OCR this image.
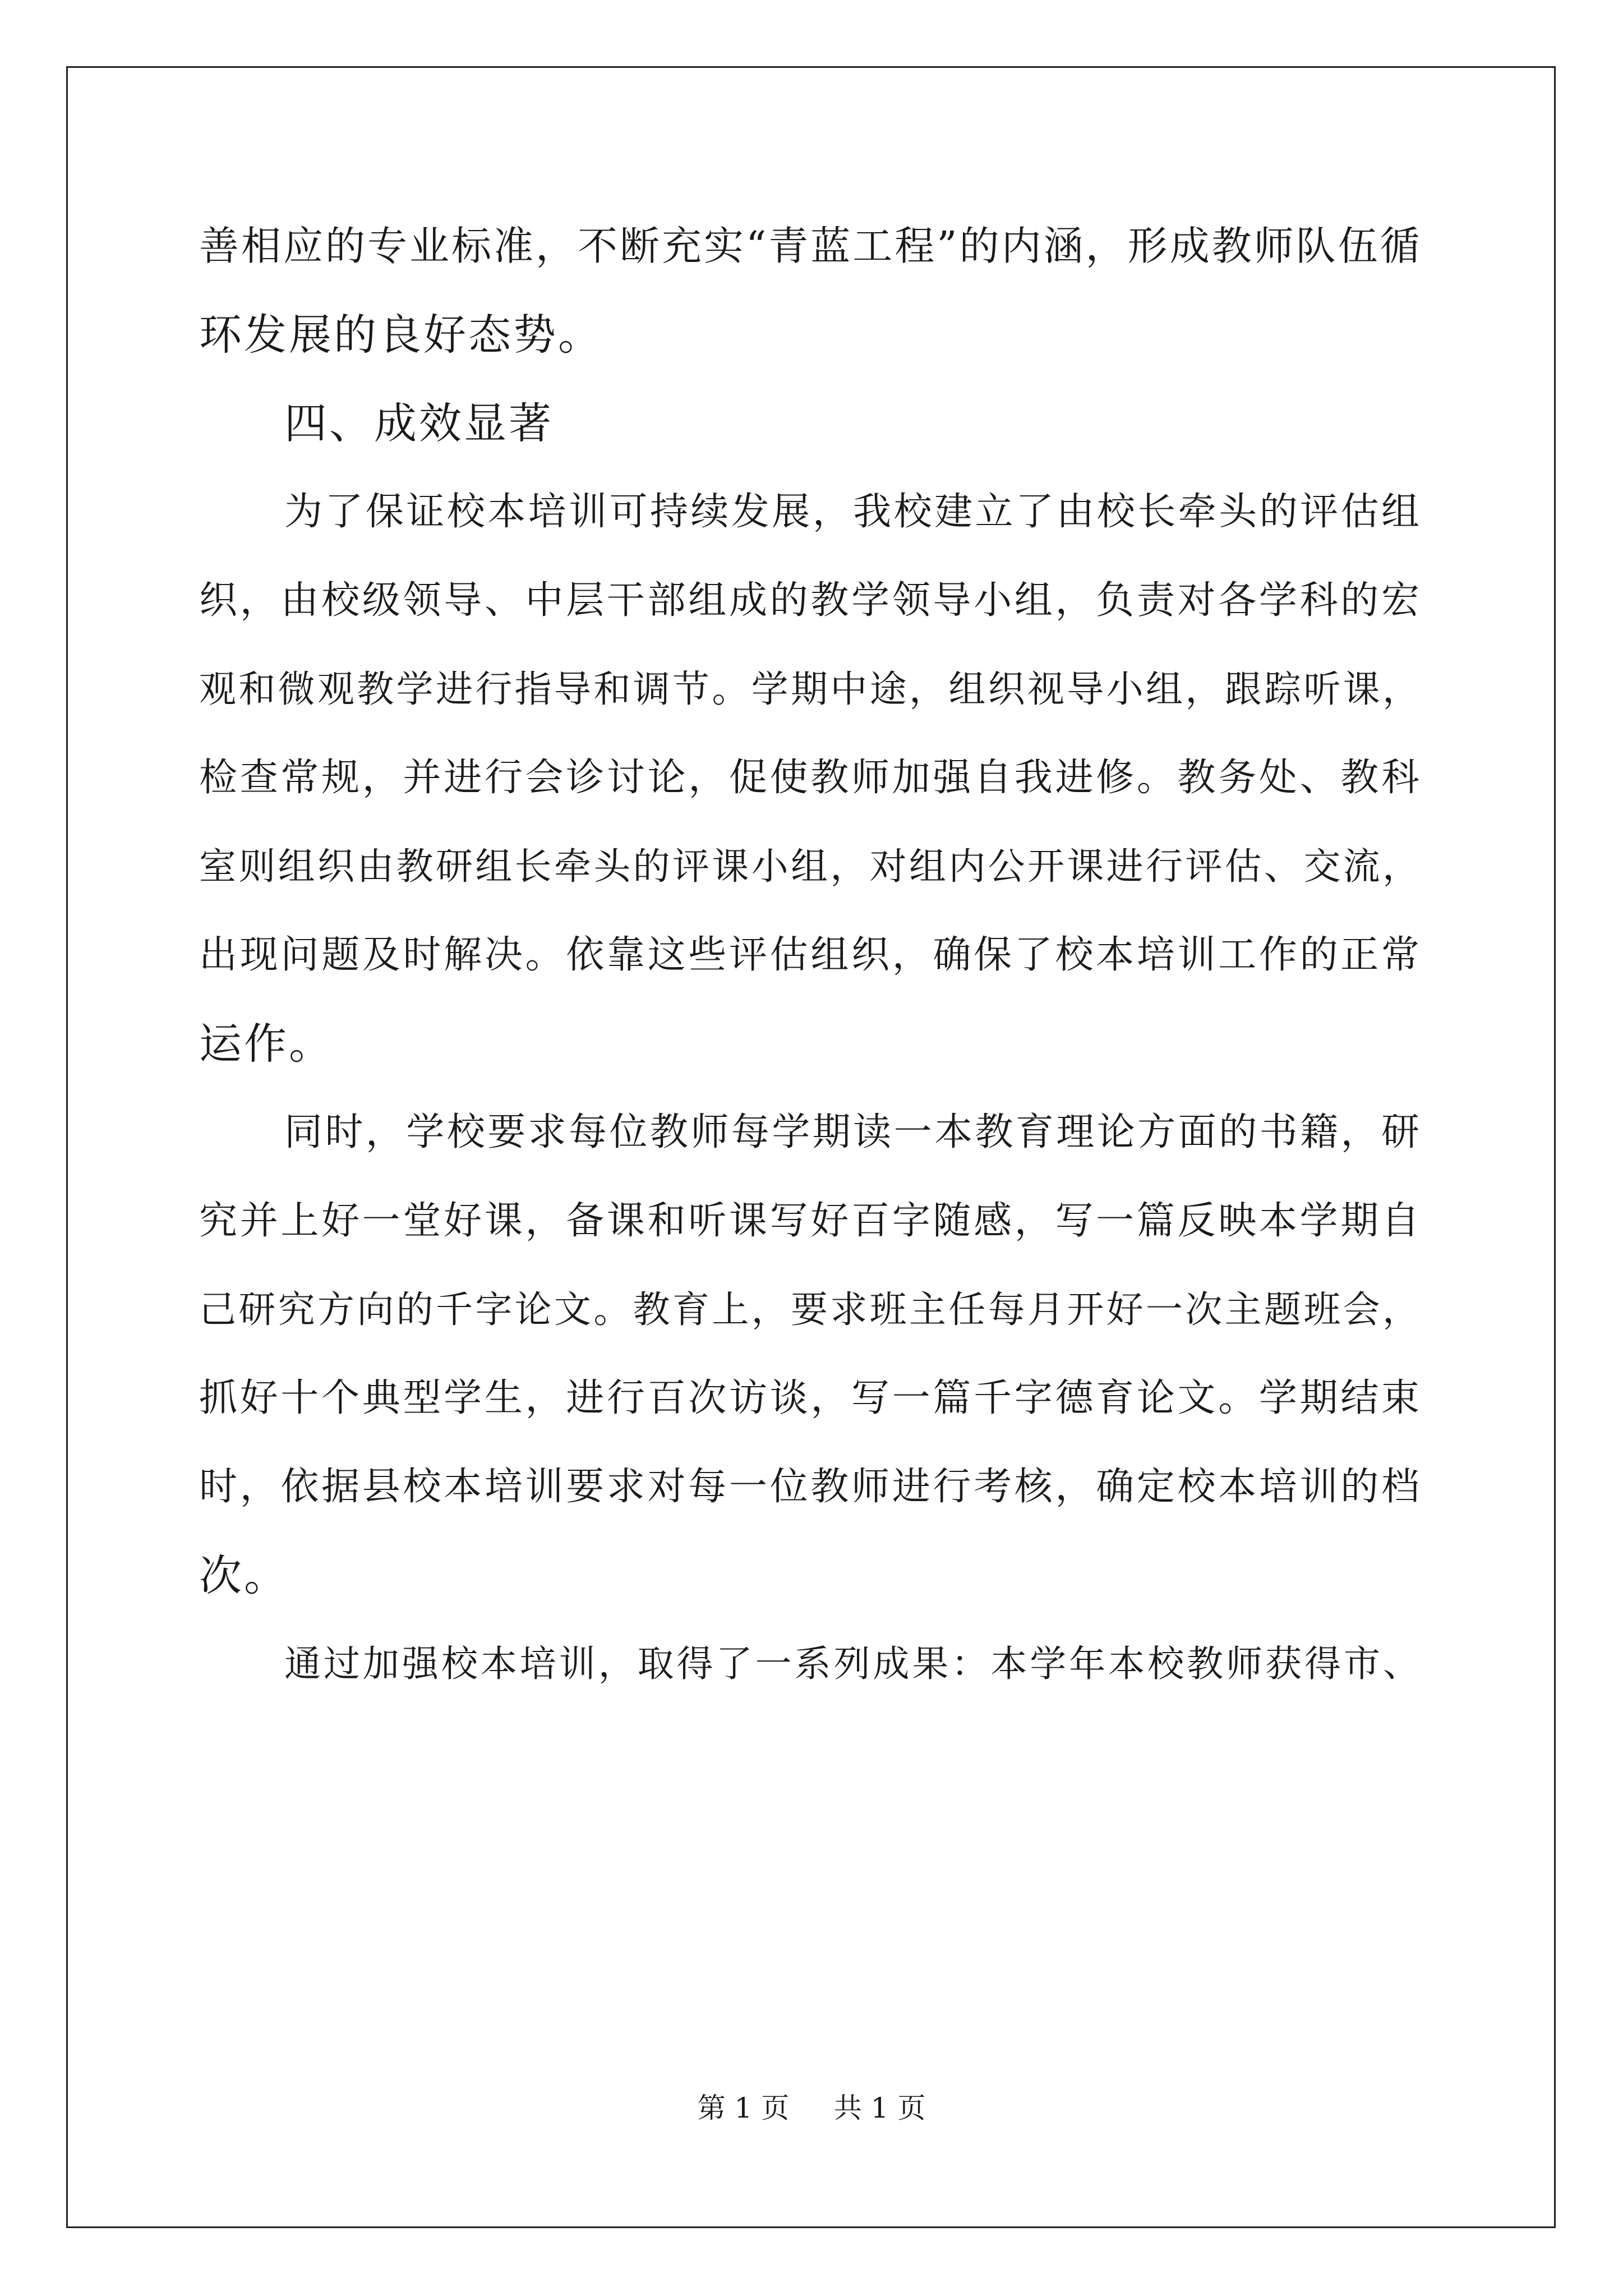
善相应的专业标准，不断充实“青蓝工程”的内涵，形成教师队伍循
环发展的良好态势。
四、成效显著
为了保证校本培训可持续发展，我校建立了由校长牵头的评估组
织，由校级领导、中层干部组成的教学领导小组，负责对各学科的宏
观和微观教学进行指导和调节。学期中途，组织视导小组，跟踪听课，
检查常规，并进行会诊讨论，促使教师加强自我进修。教务处、教科
室则组织由教研组长牵头的评课小组，对组内公开课进行评估、交流，
出现问题及时解决。依靠这些评估组织，确保了校本培训工作的正常
运作。
同时，学校要求每位教师每学期读一本教育理论方面的书籍，研
究并上好一堂好课，备课和听课写好百字随感，写一篇反映本学期自
己研究方向的千字论文。教育上，要求班主任每月开好一次主题班会，
抓好十个典型学生，进行百次访谈，写一篇千字德育论文。学期结束
时，依据县校本培训要求对每一位教师进行考核，确定校本培训的档
次。
通过加强校本培训，取得了一系列成果：本学年本校教师获得市、
第 1 页 共 1 页
